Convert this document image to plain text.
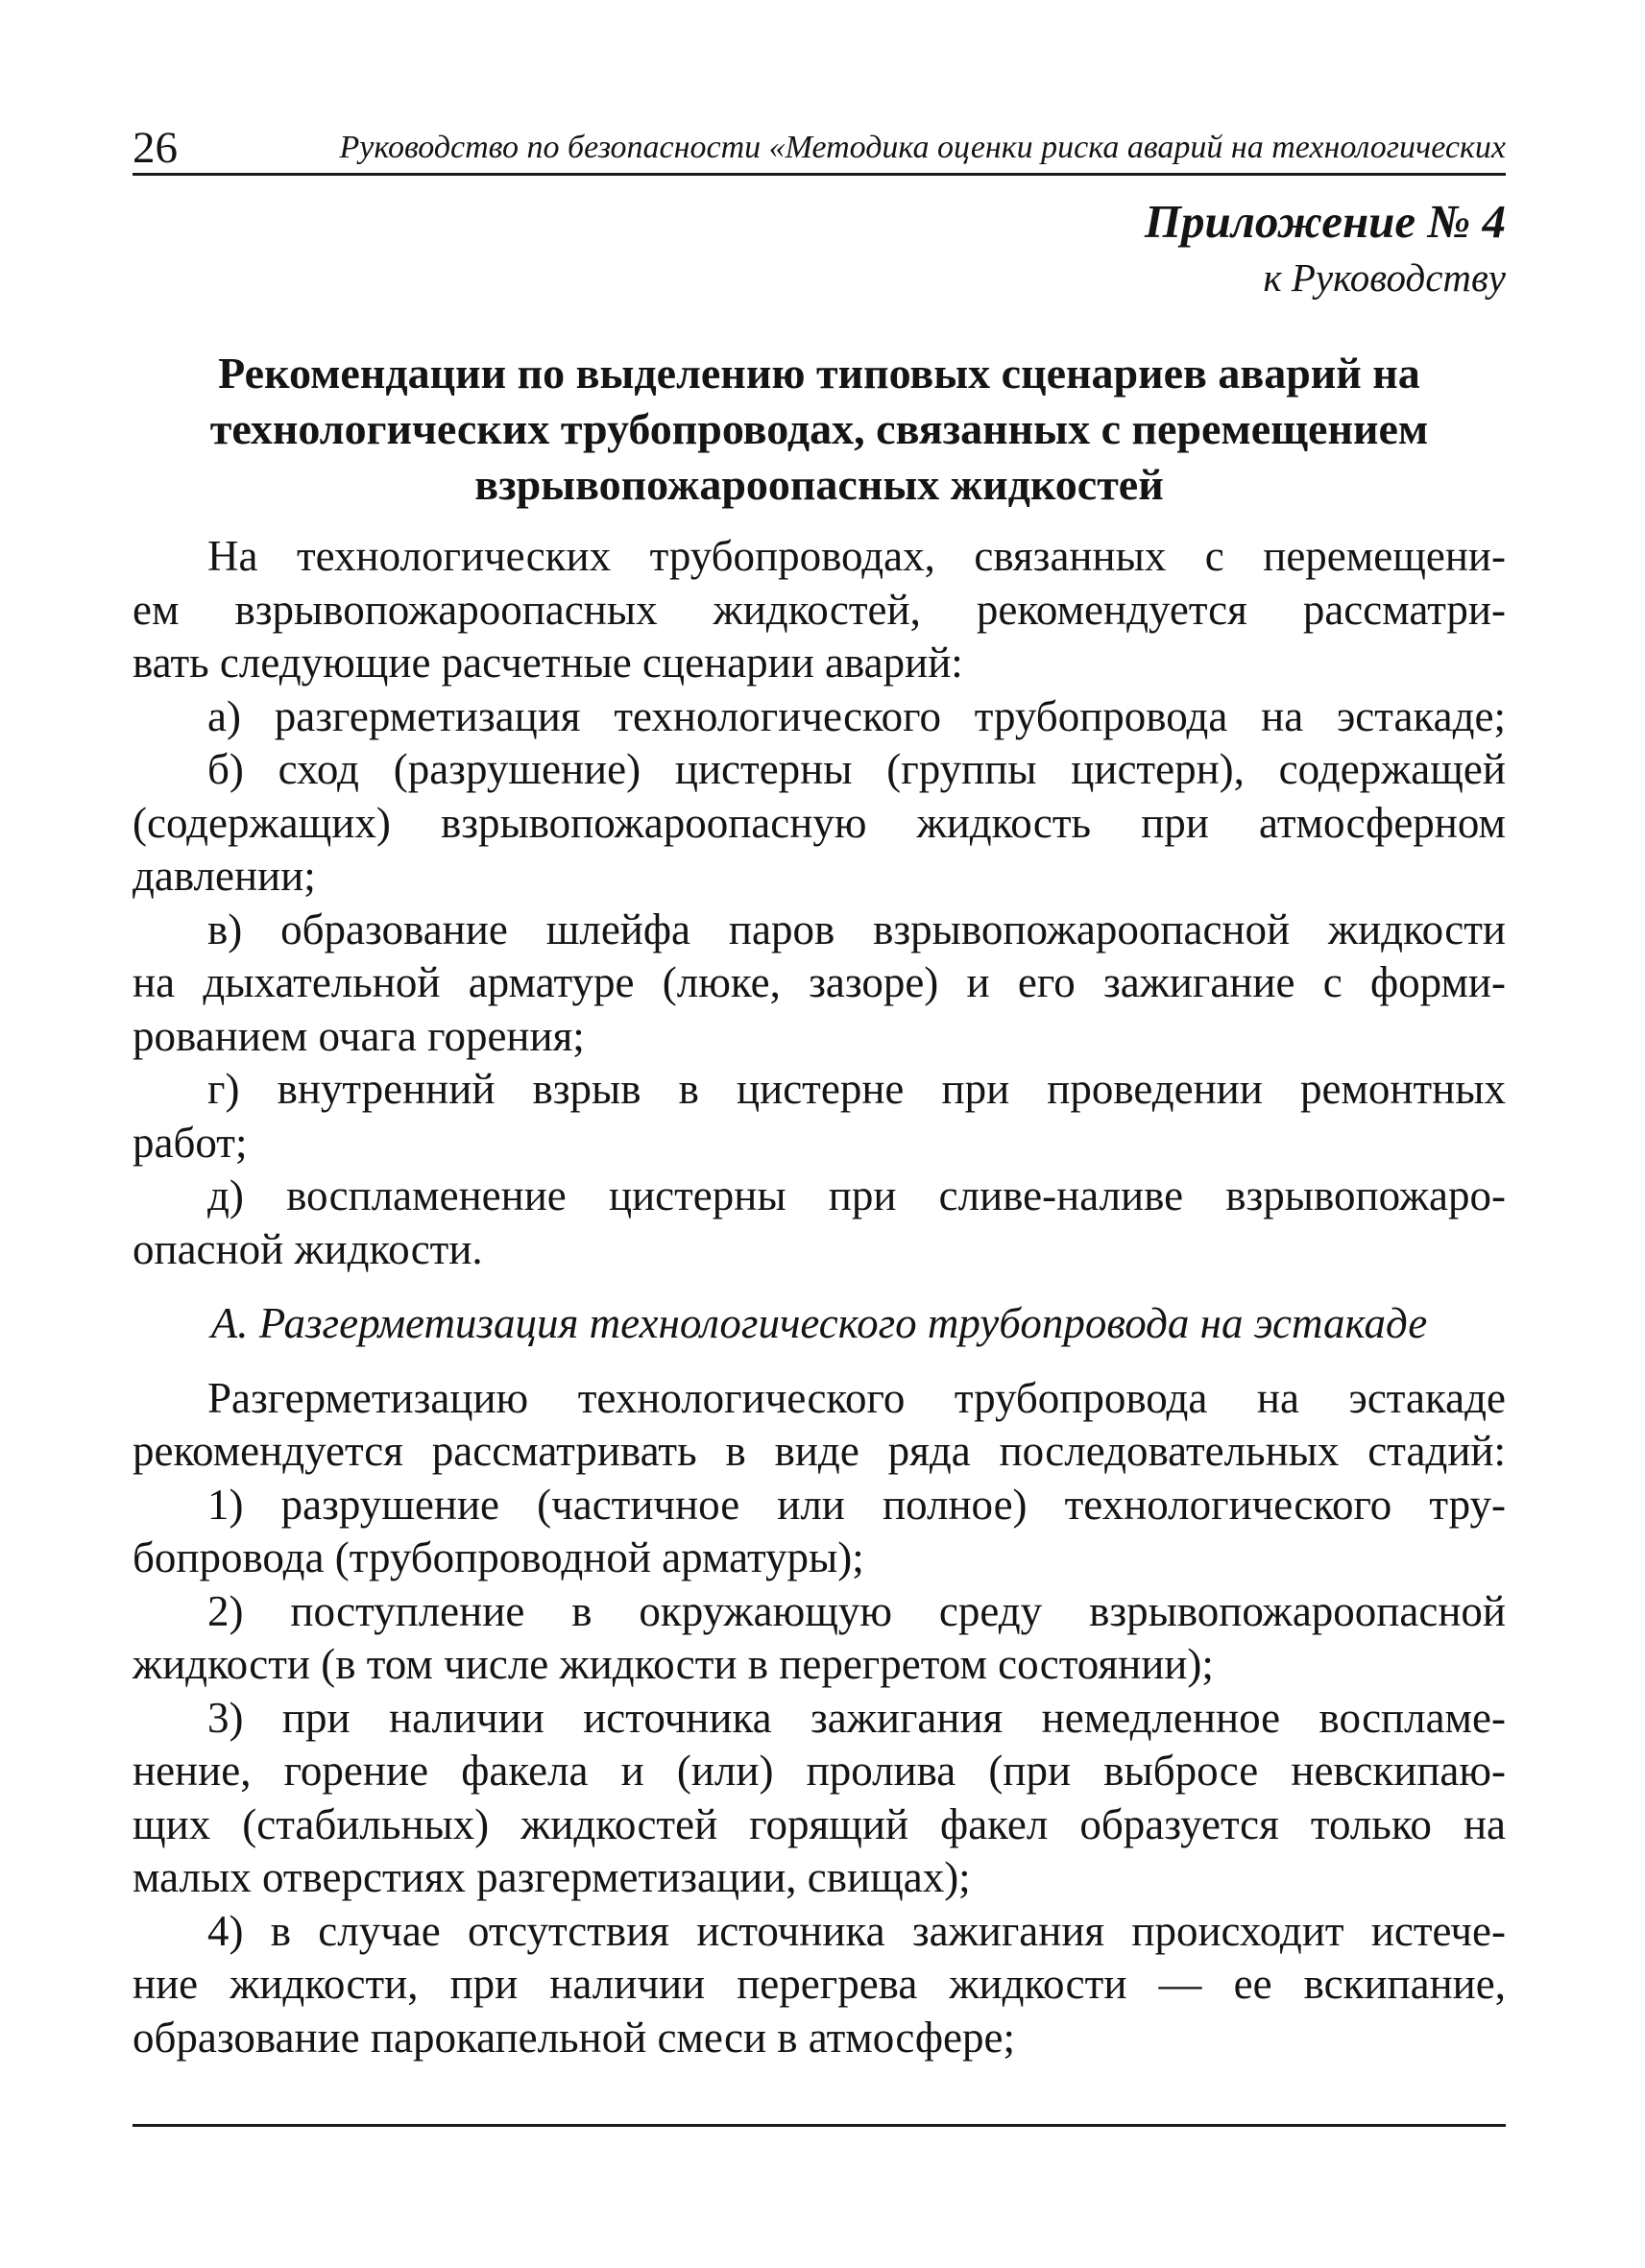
26	Руководство по безопасности «Методика оценки риска аварий на технологических
Приложение № 4
к Руководству
Рекомендации по выделению типовых сценариев аварий на
технологических трубопроводах, связанных с перемещением
взрывопожароопасных жидкостей
На технологических трубопроводах, связанных с перемещени-
ем взрывопожароопасных жидкостей, рекомендуется рассматри-
вать следующие расчетные сценарии аварий:
а) разгерметизация технологического трубопровода на эстакаде;
б) сход (разрушение) цистерны (группы цистерн), содержащей
(содержащих) взрывопожароопасную жидкость при атмосферном
давлении;
в) образование шлейфа паров взрывопожароопасной жидкости
на дыхательной арматуре (люке, зазоре) и его зажигание с форми-
рованием очага горения;
г) внутренний взрыв в цистерне при проведении ремонтных
работ;
д) воспламенение цистерны при сливе-наливе взрывопожаро-
опасной жидкости.
А. Разгерметизация технологического трубопровода на эстакаде
Разгерметизацию технологического трубопровода на эстакаде
рекомендуется рассматривать в виде ряда последовательных стадий:
1) разрушение (частичное или полное) технологического тру-
бопровода (трубопроводной арматуры);
2) поступление в окружающую среду взрывопожароопасной
жидкости (в том числе жидкости в перегретом состоянии);
3) при наличии источника зажигания немедленное воспламе-
нение, горение факела и (или) пролива (при выбросе невскипаю-
щих (стабильных) жидкостей горящий факел образуется только на
малых отверстиях разгерметизации, свищах);
4) в случае отсутствия источника зажигания происходит истече-
ние жидкости, при наличии перегрева жидкости — ее вскипание,
образование парокапельной смеси в атмосфере;
